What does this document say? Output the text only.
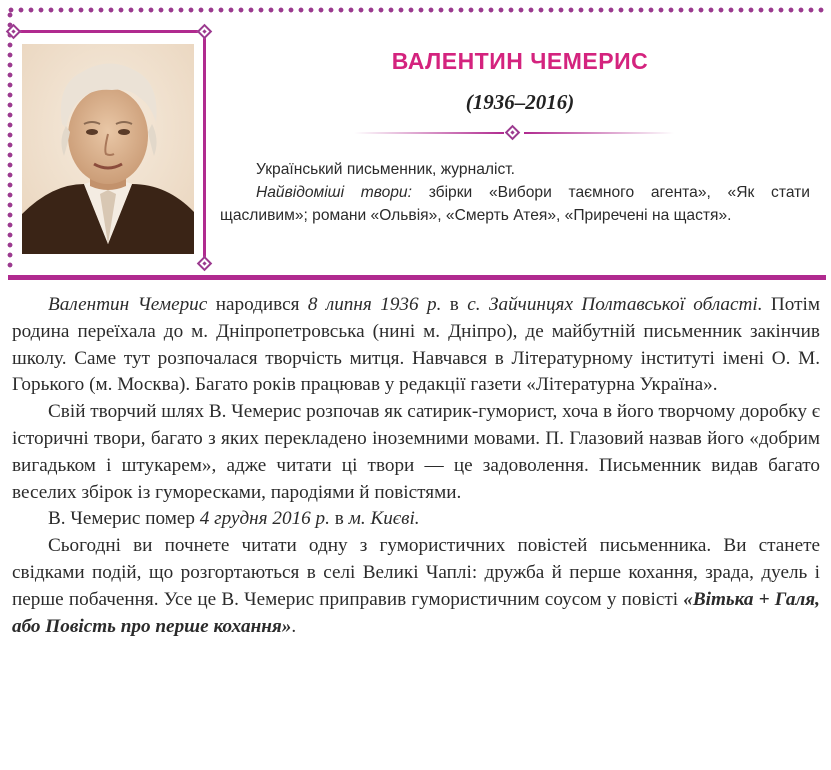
ВАЛЕНТИН ЧЕМЕРИС
(1936–2016)

Український письменник, журналіст.

Найвідоміші твори: збірки «Вибори таємного агента», «Як стати щасливим»; романи «Ольвія», «Смерть Атея», «Приречені на щастя».

Валентин Чемерис народився 8 липня 1936 р. в с. Зайчинцях Полтавської області. Потім родина переїхала до м. Дніпропетровська (нині м. Дніпро), де майбутній письменник закінчив школу. Саме тут розпочалася творчість митця. Навчався в Літературному інституті імені О. М. Горького (м. Москва). Багато років працював у редакції газети «Літературна Україна».

Свій творчий шлях В. Чемерис розпочав як сатирик-гуморист, хоча в його творчому доробку є історичні твори, багато з яких перекладено іноземними мовами. П. Глазовий назвав його «добрим вигадьком і штукарем», адже читати ці твори — це задоволення. Письменник видав багато веселих збірок із гуморесками, пародіями й повістями.

В. Чемерис помер 4 грудня 2016 р. в м. Києві.

Сьогодні ви почнете читати одну з гумористичних повістей письменника. Ви станете свідками подій, що розгортаються в селі Великі Чаплі: дружба й перше кохання, зрада, дуель і перше побачення. Усе це В. Чемерис приправив гумористичним соусом у повісті «Вітька + Галя, або Повість про перше кохання».
